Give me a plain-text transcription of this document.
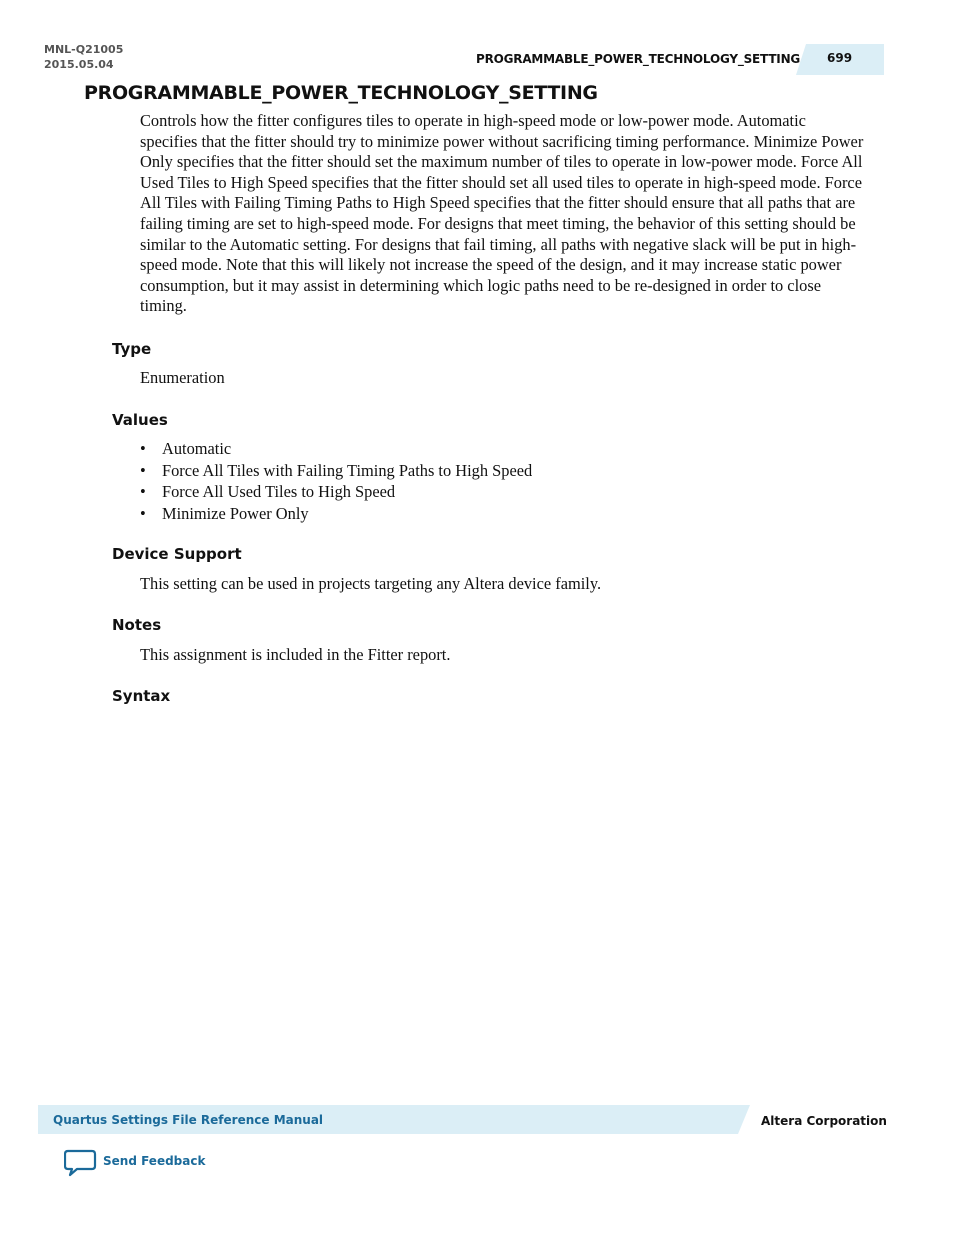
MNL-Q21005
2015.05.04	PROGRAMMABLE_POWER_TECHNOLOGY_SETTING 699
PROGRAMMABLE_POWER_TECHNOLOGY_SETTING

Controls how the fitter configures tiles to operate in high-speed mode or low-power mode. Automatic specifies that the fitter should try to minimize power without sacrificing timing performance. Minimize Power Only specifies that the fitter should set the maximum number of tiles to operate in low-power mode. Force All Used Tiles to High Speed specifies that the fitter should set all used tiles to operate in high-speed mode. Force All Tiles with Failing Timing Paths to High Speed specifies that the fitter should ensure that all paths that are failing timing are set to high-speed mode. For designs that meet timing, the behavior of this setting should be similar to the Automatic setting. For designs that fail timing, all paths with negative slack will be put in high-speed mode. Note that this will likely not increase the speed of the design, and it may increase static power consumption, but it may assist in determining which logic paths need to be re-designed in order to close timing.

Type

Enumeration

Values
• Automatic
• Force All Tiles with Failing Timing Paths to High Speed
• Force All Used Tiles to High Speed
• Minimize Power Only
Device Support

This setting can be used in projects targeting any Altera device family.

Notes

This assignment is included in the Fitter report.

Syntax
Quartus Settings File Reference Manual	Altera Corporation
Send Feedback
